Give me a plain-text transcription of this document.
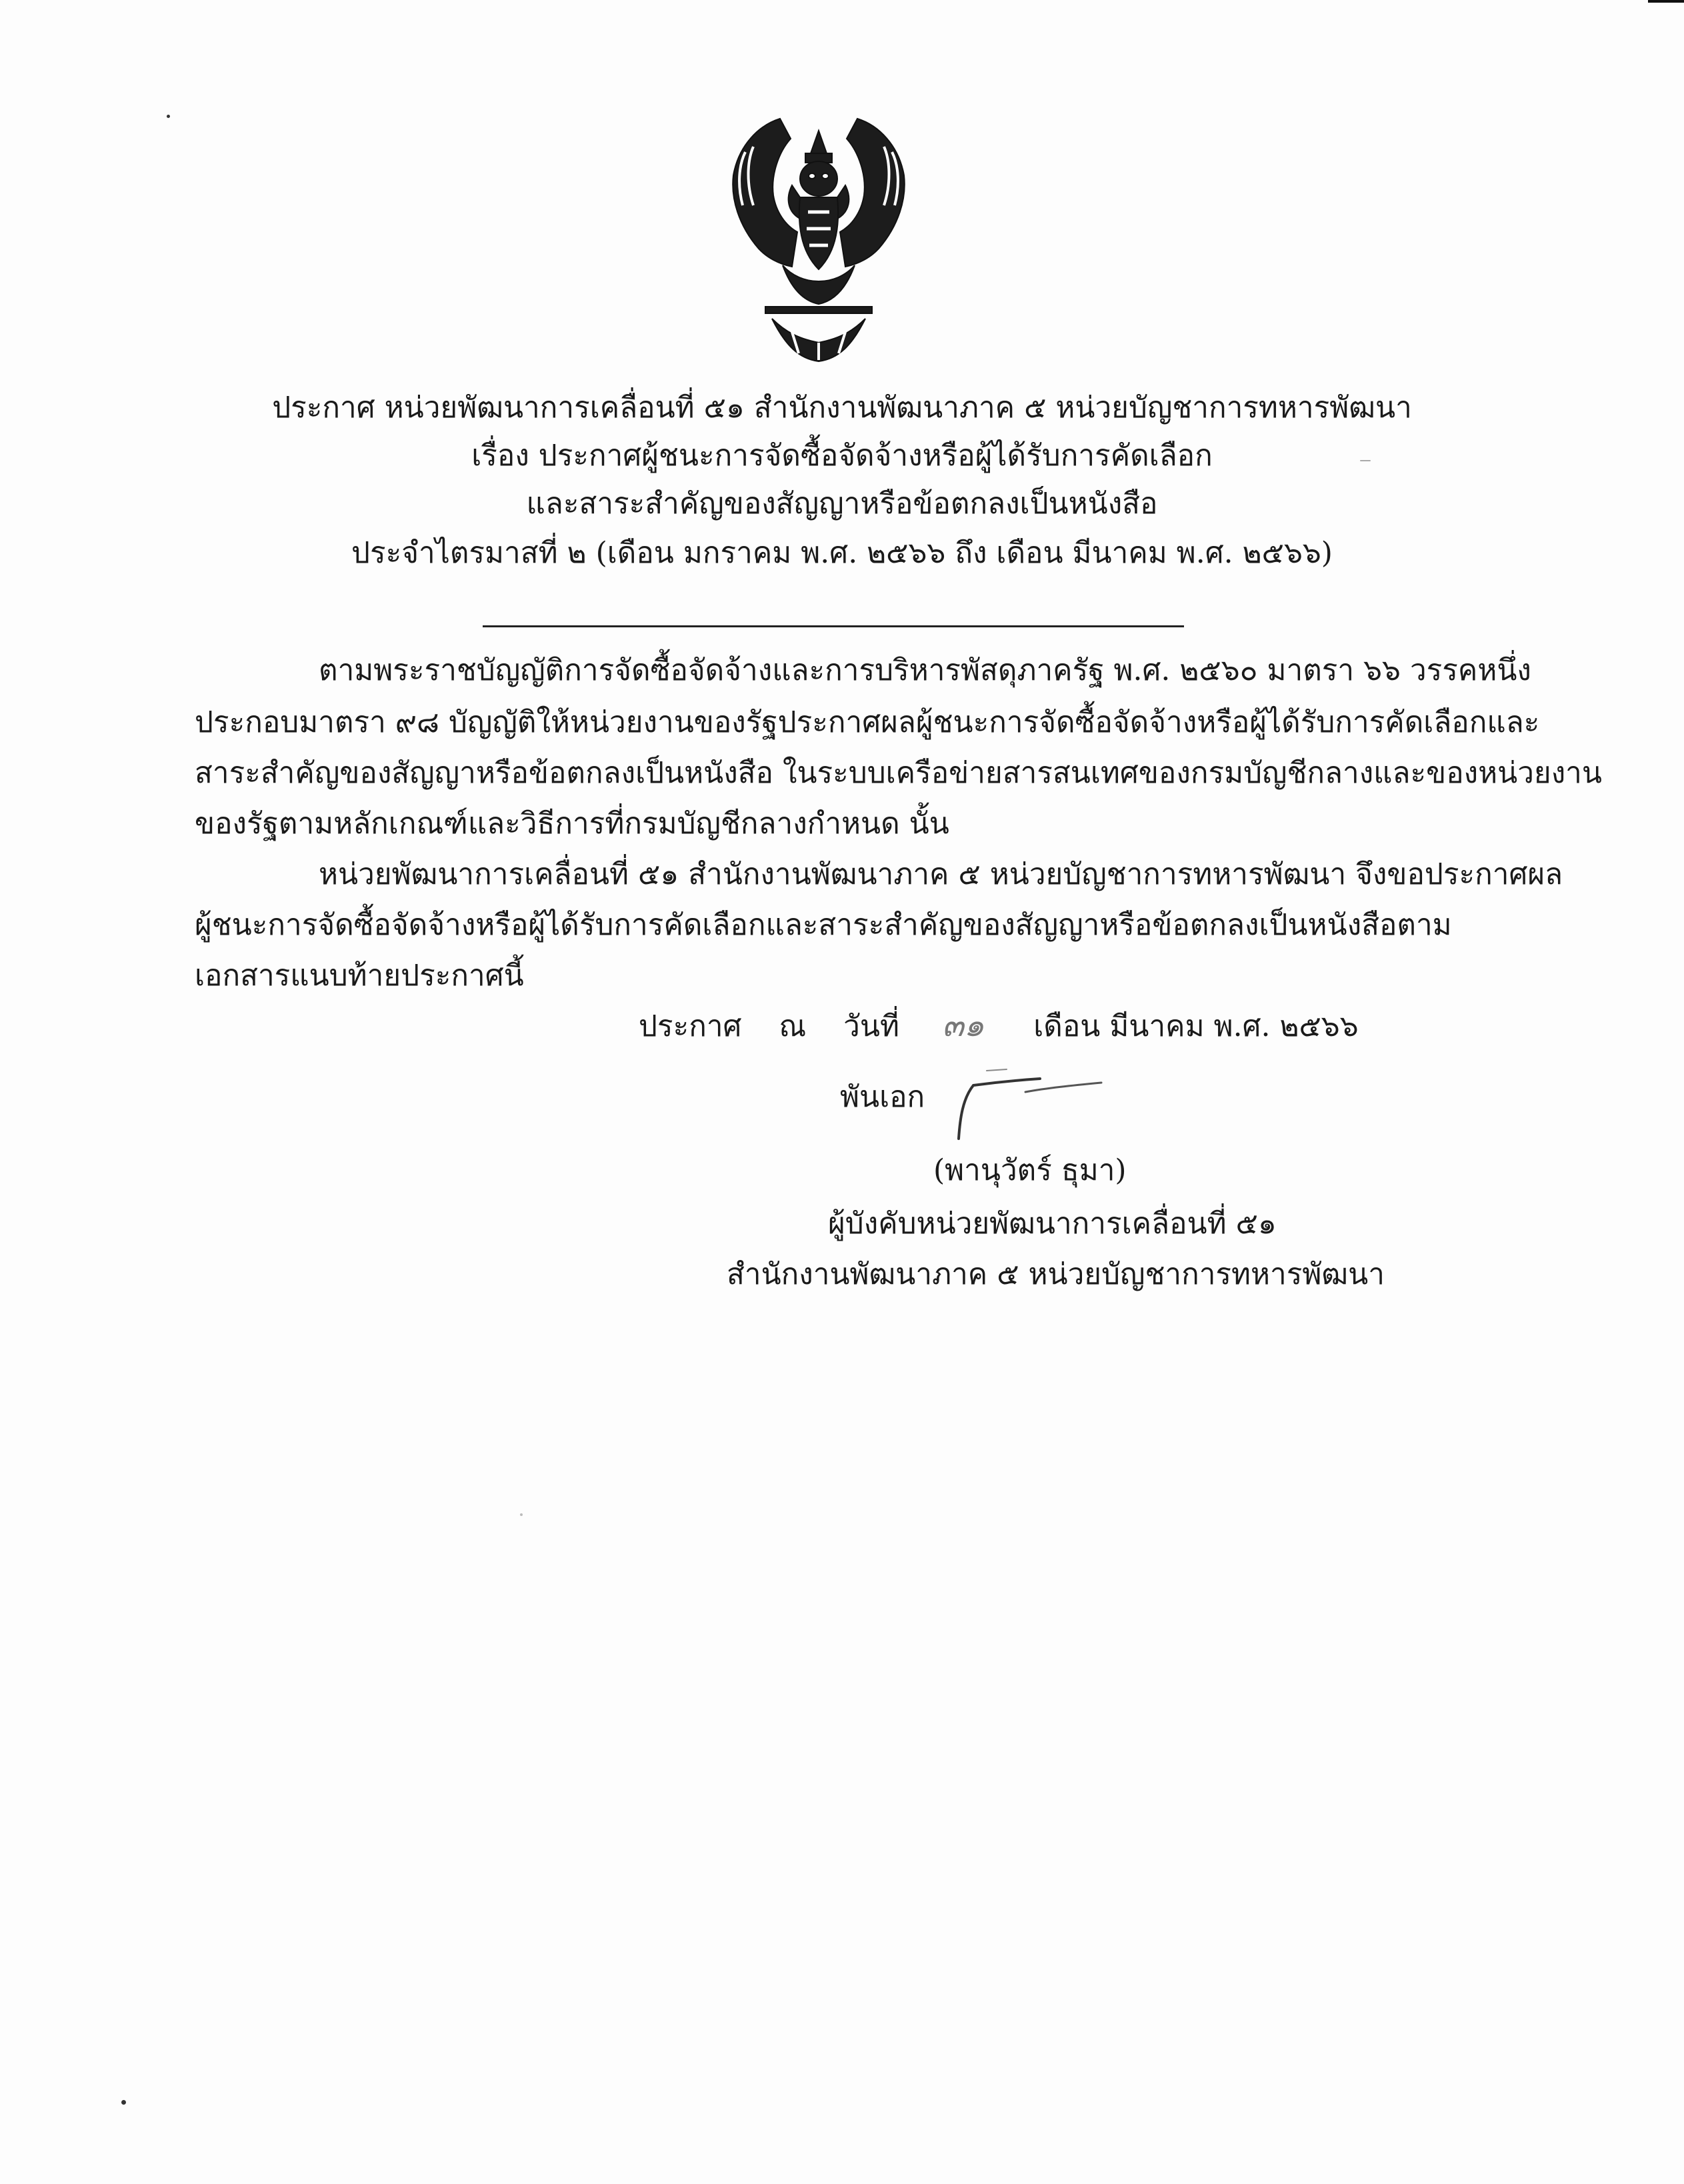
ประกาศ หน่วยพัฒนาการเคลื่อนที่ ๕๑ สำนักงานพัฒนาภาค ๕ หน่วยบัญชาการทหารพัฒนา
เรื่อง ประกาศผู้ชนะการจัดซื้อจัดจ้างหรือผู้ได้รับการคัดเลือก
และสาระสำคัญของสัญญาหรือข้อตกลงเป็นหนังสือ
ประจำไตรมาสที่ ๒ (เดือน มกราคม พ.ศ. ๒๕๖๖ ถึง เดือน มีนาคม พ.ศ. ๒๕๖๖)
ตามพระราชบัญญัติการจัดซื้อจัดจ้างและการบริหารพัสดุภาครัฐ พ.ศ. ๒๕๖๐ มาตรา ๖๖ วรรคหนึ่ง
ประกอบมาตรา ๙๘ บัญญัติให้หน่วยงานของรัฐประกาศผลผู้ชนะการจัดซื้อจัดจ้างหรือผู้ได้รับการคัดเลือกและ
สาระสำคัญของสัญญาหรือข้อตกลงเป็นหนังสือ ในระบบเครือข่ายสารสนเทศของกรมบัญชีกลางและของหน่วยงาน
ของรัฐตามหลักเกณฑ์และวิธีการที่กรมบัญชีกลางกำหนด นั้น
หน่วยพัฒนาการเคลื่อนที่ ๕๑ สำนักงานพัฒนาภาค ๕ หน่วยบัญชาการทหารพัฒนา จึงขอประกาศผล
ผู้ชนะการจัดซื้อจัดจ้างหรือผู้ได้รับการคัดเลือกและสาระสำคัญของสัญญาหรือข้อตกลงเป็นหนังสือตาม
เอกสารแนบท้ายประกาศนี้
ประกาศ    ณ    วันที่ ๓๑ เดือน มีนาคม พ.ศ. ๒๕๖๖
พันเอก
(พานุวัตร์ ธุมา)
ผู้บังคับหน่วยพัฒนาการเคลื่อนที่ ๕๑
สำนักงานพัฒนาภาค ๕ หน่วยบัญชาการทหารพัฒนา
